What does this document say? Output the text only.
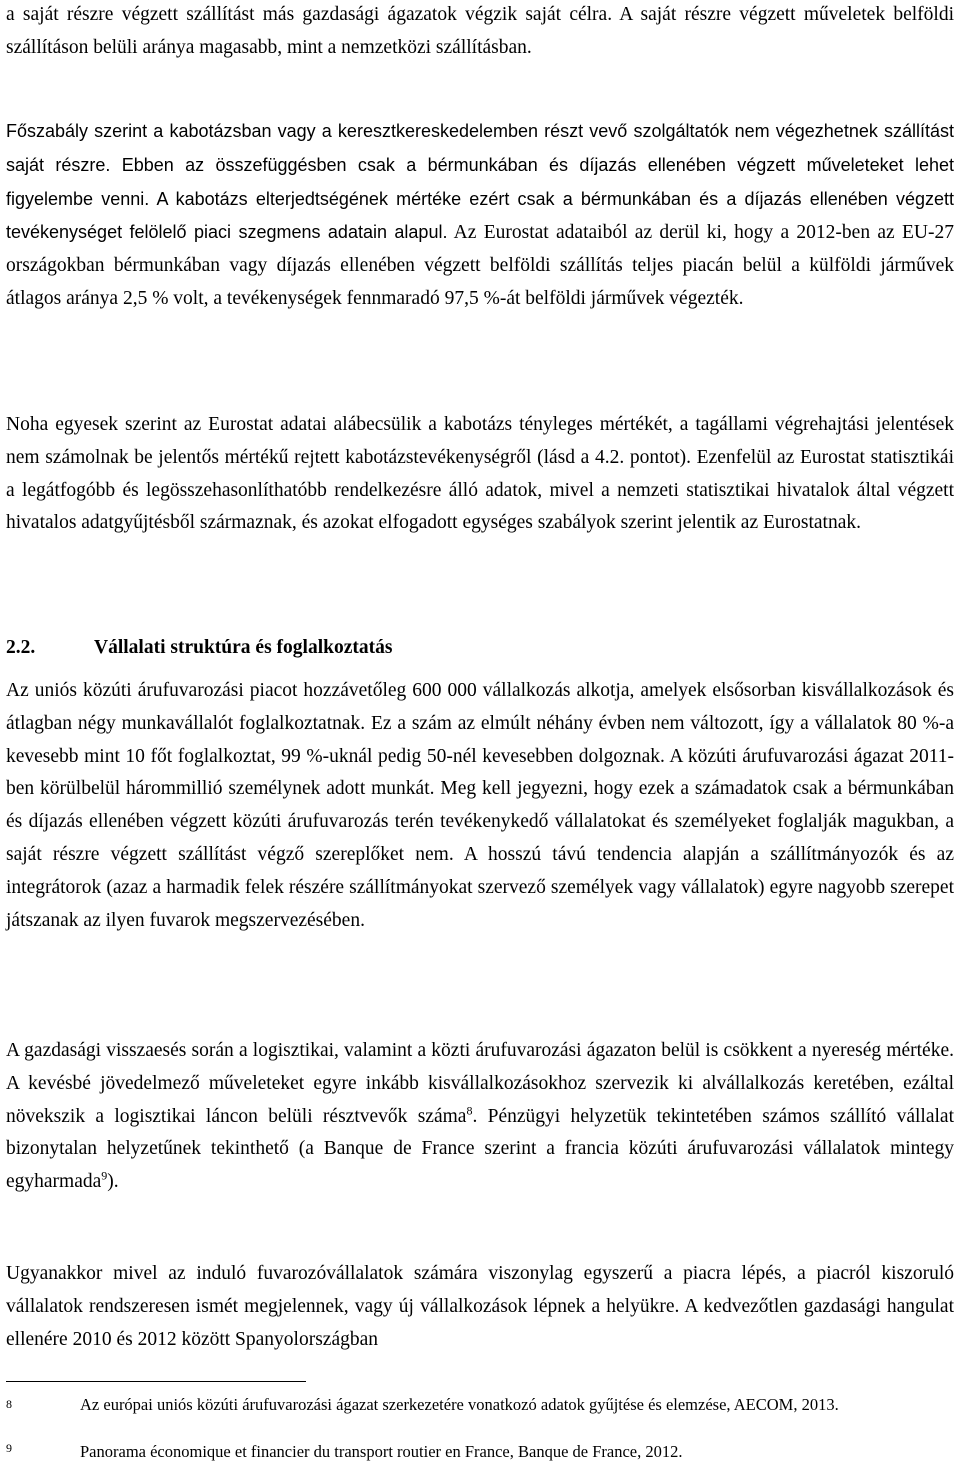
a saját részre végzett szállítást más gazdasági ágazatok végzik saját célra. A saját részre végzett műveletek belföldi szállításon belüli aránya magasabb, mint a nemzetközi szállításban.

Főszabály szerint a kabotázsban vagy a keresztkereskedelemben részt vevő szolgáltatók nem végezhetnek szállítást saját részre. Ebben az összefüggésben csak a bérmunkában és díjazás ellenében végzett műveleteket lehet figyelembe venni. A kabotázs elterjedtségének mértéke ezért csak a bérmunkában és a díjazás ellenében végzett tevékenységet felölelő piaci szegmens adatain alapul. Az Eurostat adataiból az derül ki, hogy a 2012-ben az EU-27 országokban bérmunkában vagy díjazás ellenében végzett belföldi szállítás teljes piacán belül a külföldi járművek átlagos aránya 2,5 % volt, a tevékenységek fennmaradó 97,5 %-át belföldi járművek végezték.

Noha egyesek szerint az Eurostat adatai alábecsülik a kabotázs tényleges mértékét, a tagállami végrehajtási jelentések nem számolnak be jelentős mértékű rejtett kabotázstevékenységről (lásd a 4.2. pontot). Ezenfelül az Eurostat statisztikái a legátfogóbb és legösszehasonlíthatóbb rendelkezésre álló adatok, mivel a nemzeti statisztikai hivatalok által végzett hivatalos adatgyűjtésből származnak, és azokat elfogadott egységes szabályok szerint jelentik az Eurostatnak.

2.2.	Vállalati struktúra és foglalkoztatás

Az uniós közúti árufuvarozási piacot hozzávetőleg 600 000 vállalkozás alkotja, amelyek elsősorban kisvállalkozások és átlagban négy munkavállalót foglalkoztatnak. Ez a szám az elmúlt néhány évben nem változott, így a vállalatok 80 %-a kevesebb mint 10 főt foglalkoztat, 99 %-uknál pedig 50-nél kevesebben dolgoznak. A közúti árufuvarozási ágazat 2011-ben körülbelül hárommillió személynek adott munkát. Meg kell jegyezni, hogy ezek a számadatok csak a bérmunkában és díjazás ellenében végzett közúti árufuvarozás terén tevékenykedő vállalatokat és személyeket foglalják magukban, a saját részre végzett szállítást végző szereplőket nem. A hosszú távú tendencia alapján a szállítmányozók és az integrátorok (azaz a harmadik felek részére szállítmányokat szervező személyek vagy vállalatok) egyre nagyobb szerepet játszanak az ilyen fuvarok megszervezésében.

A gazdasági visszaesés során a logisztikai, valamint a közti árufuvarozási ágazaton belül is csökkent a nyereség mértéke. A kevésbé jövedelmező műveleteket egyre inkább kisvállalkozásokhoz szervezik ki alvállalkozás keretében, ezáltal növekszik a logisztikai láncon belüli résztvevők száma$^8$. Pénzügyi helyzetük tekintetében számos szállító vállalat bizonytalan helyzetűnek tekinthető (a Banque de France szerint a francia közúti árufuvarozási vállalatok mintegy egyharmada$^9$).

Ugyanakkor mivel az induló fuvarozóvállalatok számára viszonylag egyszerű a piacra lépés, a piacról kiszoruló vállalatok rendszeresen ismét megjelennek, vagy új vállalkozások lépnek a helyükre. A kedvezőtlen gazdasági hangulat ellenére 2010 és 2012 között Spanyolországban

8	Az európai uniós közúti árufuvarozási ágazat szerkezetére vonatkozó adatok gyűjtése és elemzése, AECOM, 2013.
9	Panorama économique et financier du transport routier en France, Banque de France, 2012.
